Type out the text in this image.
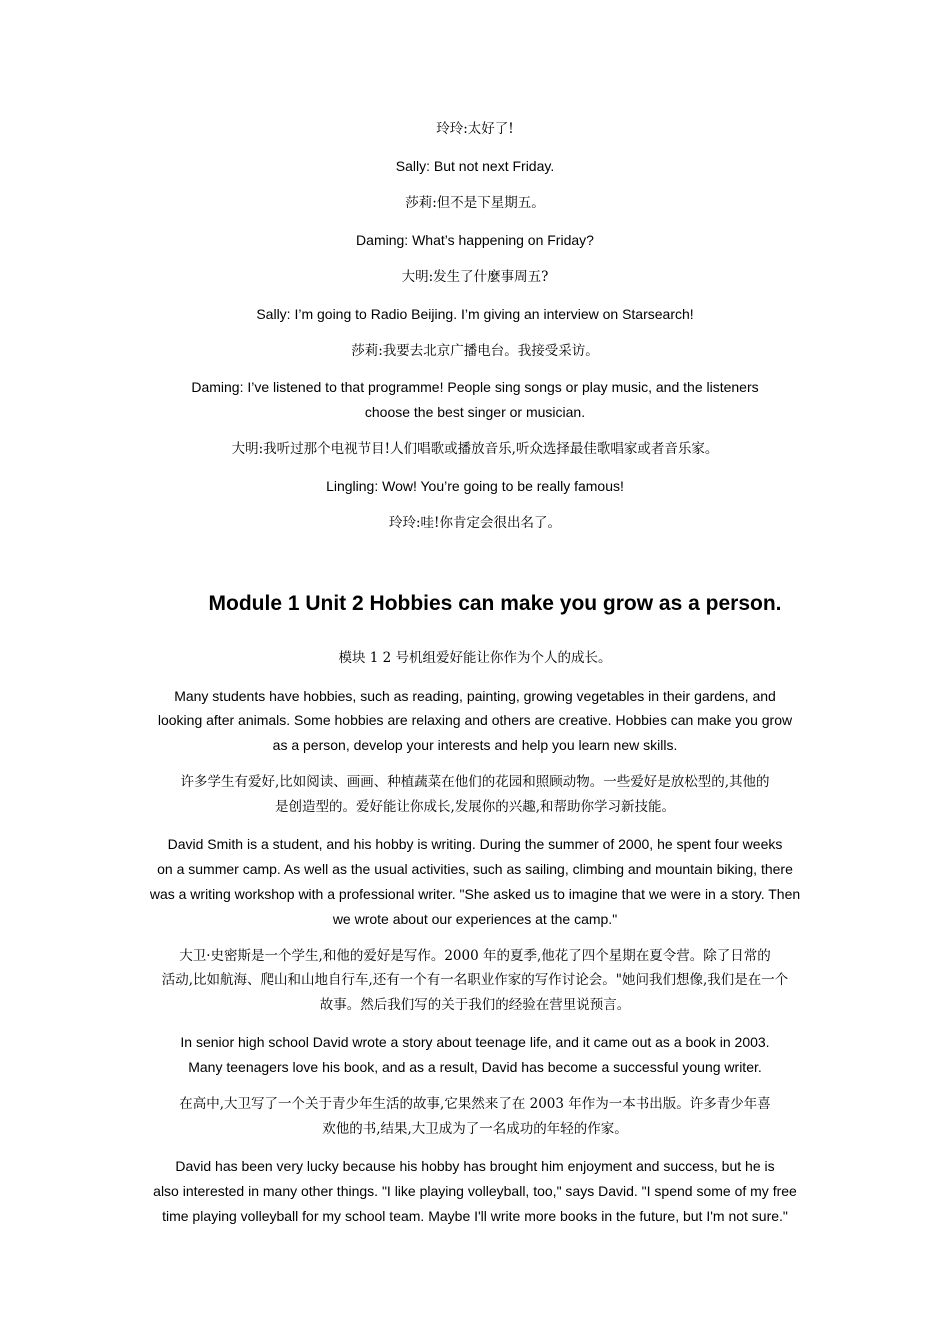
玲玲:太好了!
Sally: But not next Friday.
莎莉:但不是下星期五。
Daming: What’s happening on Friday?
大明:发生了什麼事周五?
Sally: I’m going to Radio Beijing. I’m giving an interview on Starsearch!
莎莉:我要去北京广播电台。我接受采访。
Daming: I’ve listened to that programme! People sing songs or play music, and the listeners
choose the best singer or musician.
大明:我听过那个电视节目!人们唱歌或播放音乐,听众选择最佳歌唱家或者音乐家。
Lingling: Wow! You’re going to be really famous!
玲玲:哇!你肯定会很出名了。
Module 1 Unit 2 Hobbies can make you grow as a person.
模块 1 2 号机组爱好能让你作为个人的成长。
Many students have hobbies, such as reading, painting, growing vegetables in their gardens, and
looking after animals. Some hobbies are relaxing and others are creative. Hobbies can make you grow
as a person, develop your interests and help you learn new skills.
许多学生有爱好,比如阅读、画画、种植蔬菜在他们的花园和照顾动物。一些爱好是放松型的,其他的
是创造型的。爱好能让你成长,发展你的兴趣,和帮助你学习新技能。
David Smith is a student, and his hobby is writing. During the summer of 2000, he spent four weeks
on a summer camp. As well as the usual activities, such as sailing, climbing and mountain biking, there
was a writing workshop with a professional writer. "She asked us to imagine that we were in a story. Then
we wrote about our experiences at the camp."
大卫·史密斯是一个学生,和他的爱好是写作。2000 年的夏季,他花了四个星期在夏令营。除了日常的
活动,比如航海、爬山和山地自行车,还有一个有一名职业作家的写作讨论会。"她问我们想像,我们是在一个
故事。然后我们写的关于我们的经验在营里说预言。
In senior high school David wrote a story about teenage life, and it came out as a book in 2003.
Many teenagers love his book, and as a result, David has become a successful young writer.
在高中,大卫写了一个关于青少年生活的故事,它果然来了在 2003 年作为一本书出版。许多青少年喜
欢他的书,结果,大卫成为了一名成功的年轻的作家。
David has been very lucky because his hobby has brought him enjoyment and success, but he is
also interested in many other things. "I like playing volleyball, too," says David. "I spend some of my free
time playing volleyball for my school team. Maybe I'll write more books in the future, but I'm not sure."
